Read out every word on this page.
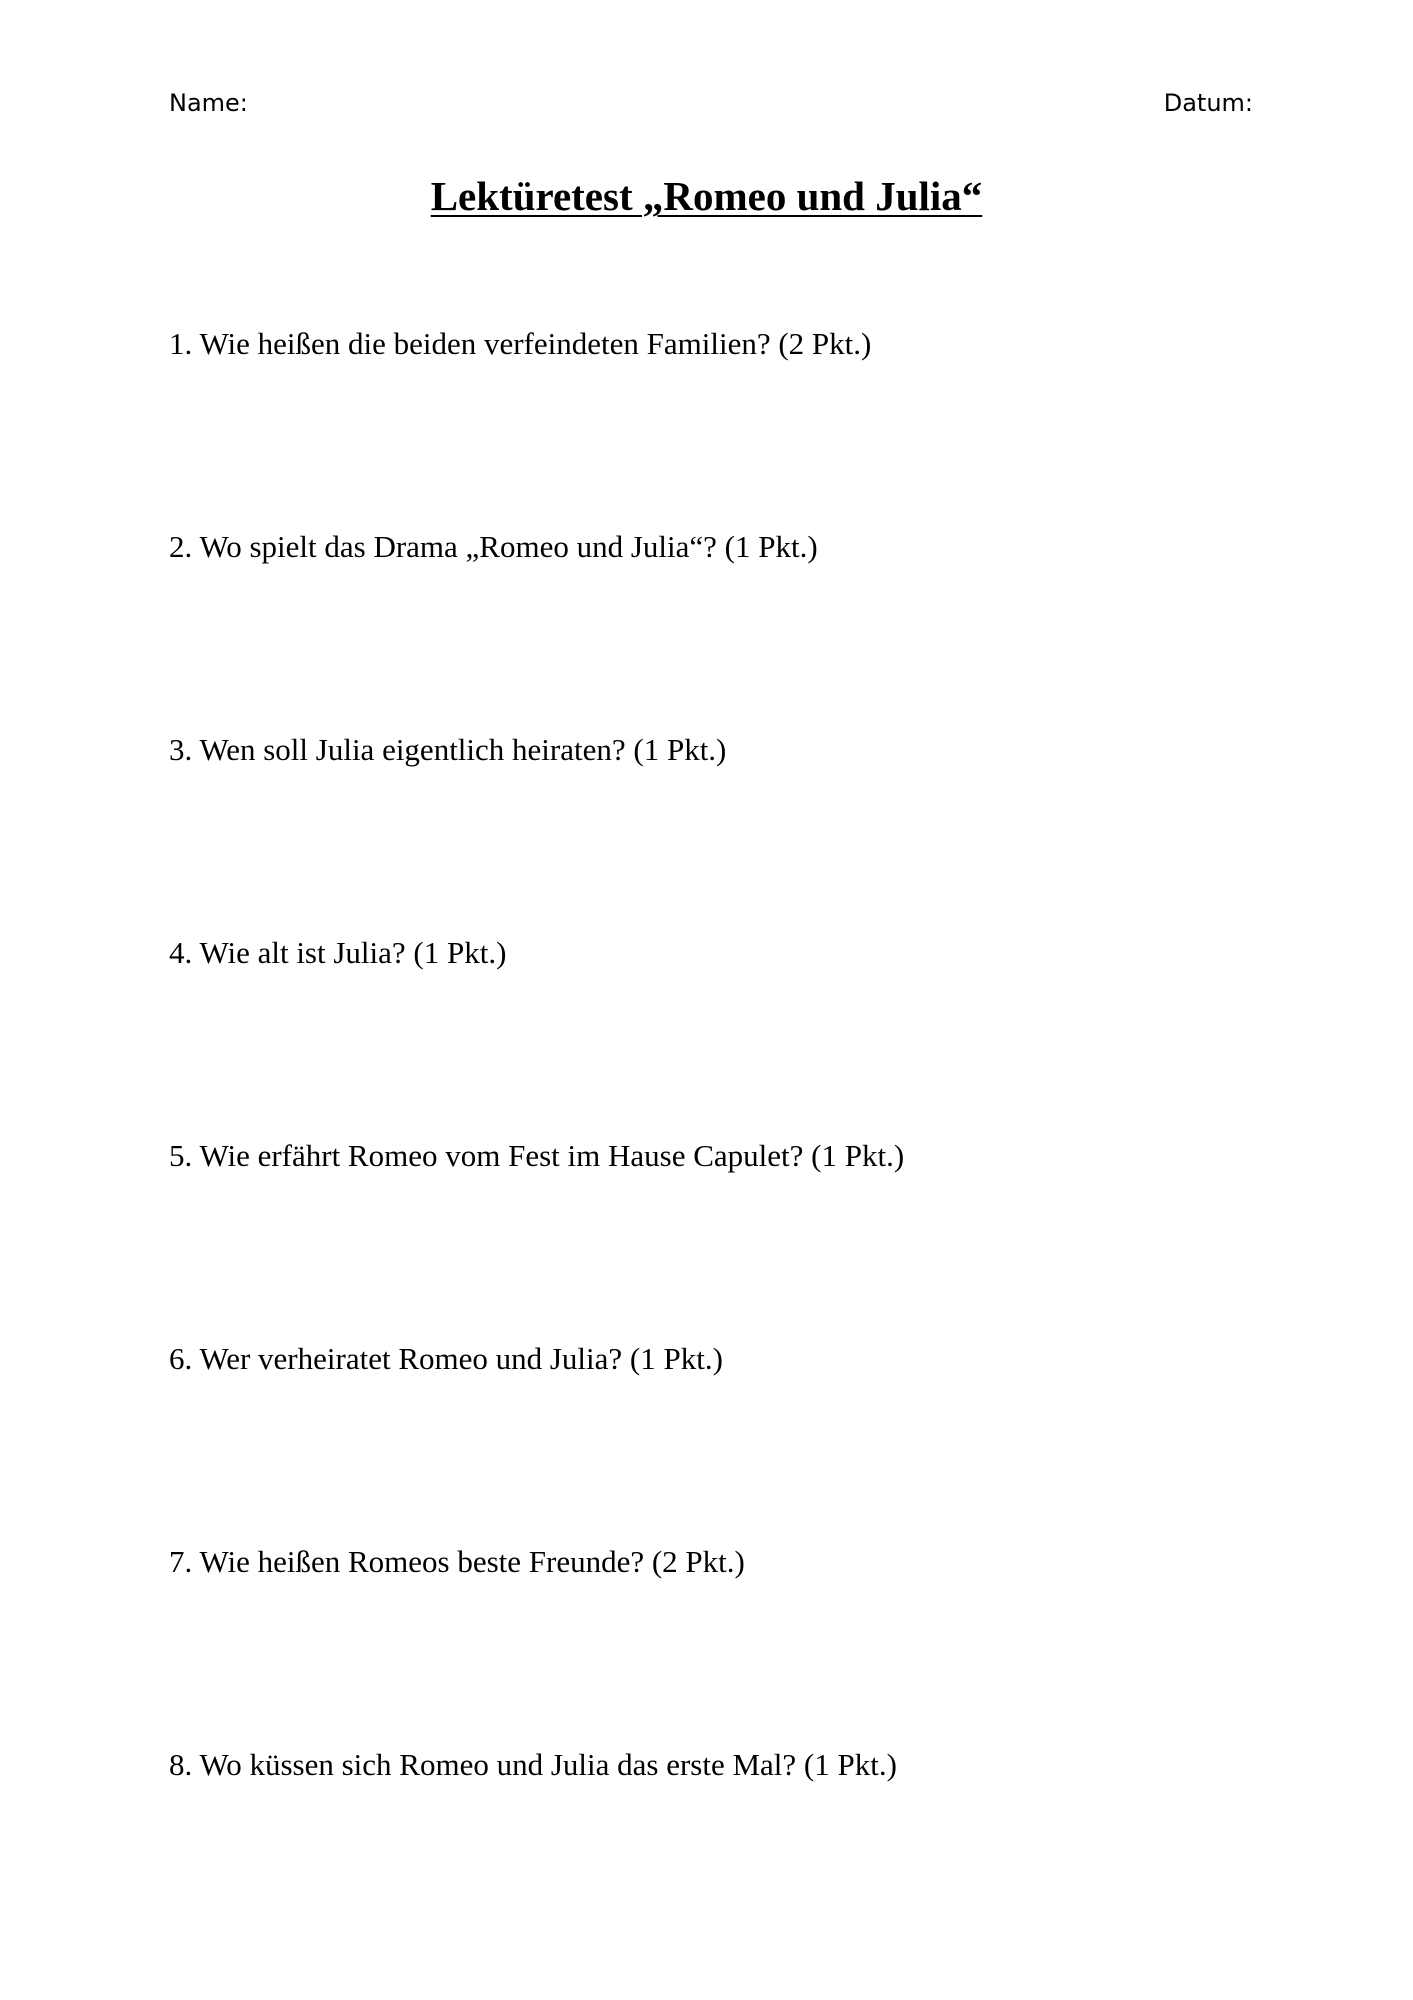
Name:	Datum:
Lektüretest „Romeo und Julia“
1. Wie heißen die beiden verfeindeten Familien? (2 Pkt.)
2. Wo spielt das Drama „Romeo und Julia“? (1 Pkt.)
3. Wen soll Julia eigentlich heiraten? (1 Pkt.)
4. Wie alt ist Julia? (1 Pkt.)
5. Wie erfährt Romeo vom Fest im Hause Capulet? (1 Pkt.)
6. Wer verheiratet Romeo und Julia? (1 Pkt.)
7. Wie heißen Romeos beste Freunde? (2 Pkt.)
8. Wo küssen sich Romeo und Julia das erste Mal? (1 Pkt.)
